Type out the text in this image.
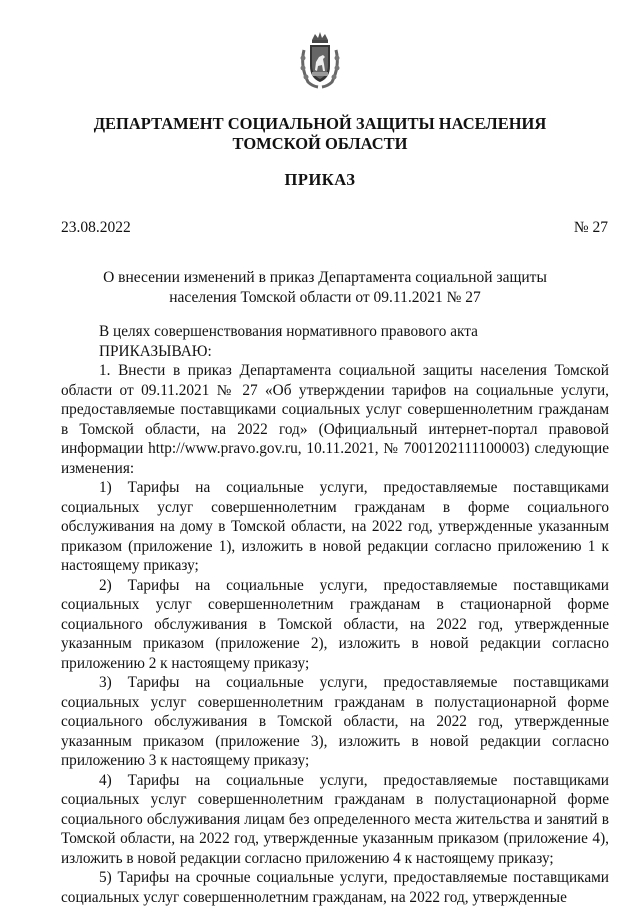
ДЕПАРТАМЕНТ СОЦИАЛЬНОЙ ЗАЩИТЫ НАСЕЛЕНИЯ
ТОМСКОЙ ОБЛАСТИ
ПРИКАЗ
23.08.2022	№ 27
О внесении изменений в приказ Департамента социальной защиты
населения Томской области от 09.11.2021 № 27

В целях совершенствования нормативного правового акта

ПРИКАЗЫВАЮ:

1. Внести в приказ Департамента социальной защиты населения Томской области от 09.11.2021 № 27 «Об утверждении тарифов на социальные услуги, предоставляемые поставщиками социальных услуг совершеннолетним гражданам в Томской области, на 2022 год» (Официальный интернет-портал правовой информации http://www.pravo.gov.ru, 10.11.2021, № 7001202111100003) следующие изменения:

1) Тарифы на социальные услуги, предоставляемые поставщиками социальных услуг совершеннолетним гражданам в форме социального обслуживания на дому в Томской области, на 2022 год, утвержденные указанным приказом (приложение 1), изложить в новой редакции согласно приложению 1 к настоящему приказу;

2) Тарифы на социальные услуги, предоставляемые поставщиками социальных услуг совершеннолетним гражданам в стационарной форме социального обслуживания в Томской области, на 2022 год, утвержденные указанным приказом (приложение 2), изложить в новой редакции согласно приложению 2 к настоящему приказу;

3) Тарифы на социальные услуги, предоставляемые поставщиками социальных услуг совершеннолетним гражданам в полустационарной форме социального обслуживания в Томской области, на 2022 год, утвержденные указанным приказом (приложение 3), изложить в новой редакции согласно приложению 3 к настоящему приказу;

4) Тарифы на социальные услуги, предоставляемые поставщиками социальных услуг совершеннолетним гражданам в полустационарной форме социального обслуживания лицам без определенного места жительства и занятий в Томской области, на 2022 год, утвержденные указанным приказом (приложение 4), изложить в новой редакции согласно приложению 4 к настоящему приказу;

5) Тарифы на срочные социальные услуги, предоставляемые поставщиками социальных услуг совершеннолетним гражданам, на 2022 год, утвержденные
